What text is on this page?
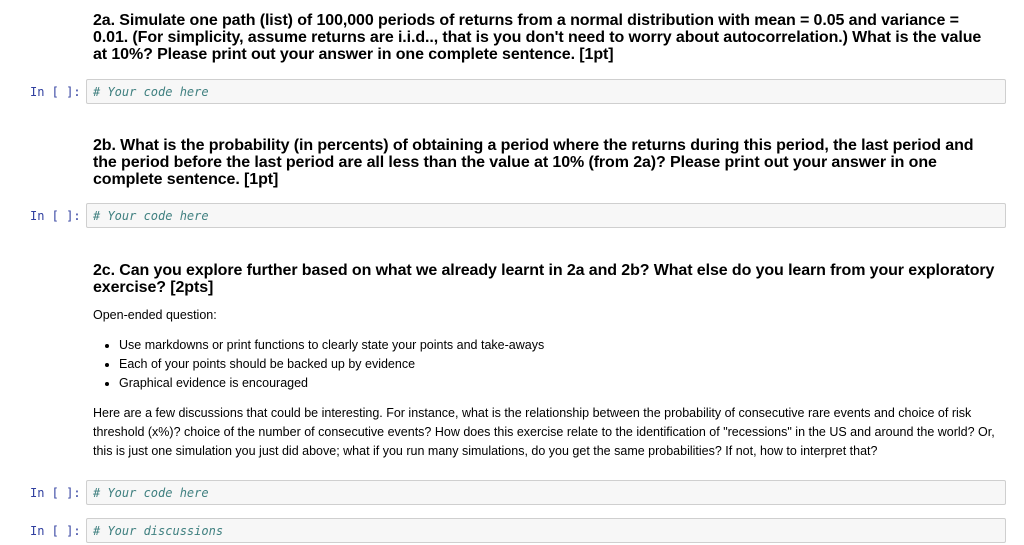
2a. Simulate one path (list) of 100,000 periods of returns from a normal distribution with mean = 0.05 and variance = 0.01. (For simplicity, assume returns are i.i.d.., that is you don't need to worry about autocorrelation.) What is the value at 10%? Please print out your answer in one complete sentence. [1pt]

In [ ]: # Your code here

2b. What is the probability (in percents) of obtaining a period where the returns during this period, the last period and the period before the last period are all less than the value at 10% (from 2a)? Please print out your answer in one complete sentence. [1pt]

In [ ]: # Your code here

2c. Can you explore further based on what we already learnt in 2a and 2b? What else do you learn from your exploratory exercise? [2pts]

Open-ended question:

• Use markdowns or print functions to clearly state your points and take-aways
• Each of your points should be backed up by evidence
• Graphical evidence is encouraged

Here are a few discussions that could be interesting. For instance, what is the relationship between the probability of consecutive rare events and choice of risk threshold (x%)? choice of the number of consecutive events? How does this exercise relate to the identification of "recessions" in the US and around the world? Or, this is just one simulation you just did above; what if you run many simulations, do you get the same probabilities? If not, how to interpret that?

In [ ]: # Your code here
In [ ]: # Your discussions
